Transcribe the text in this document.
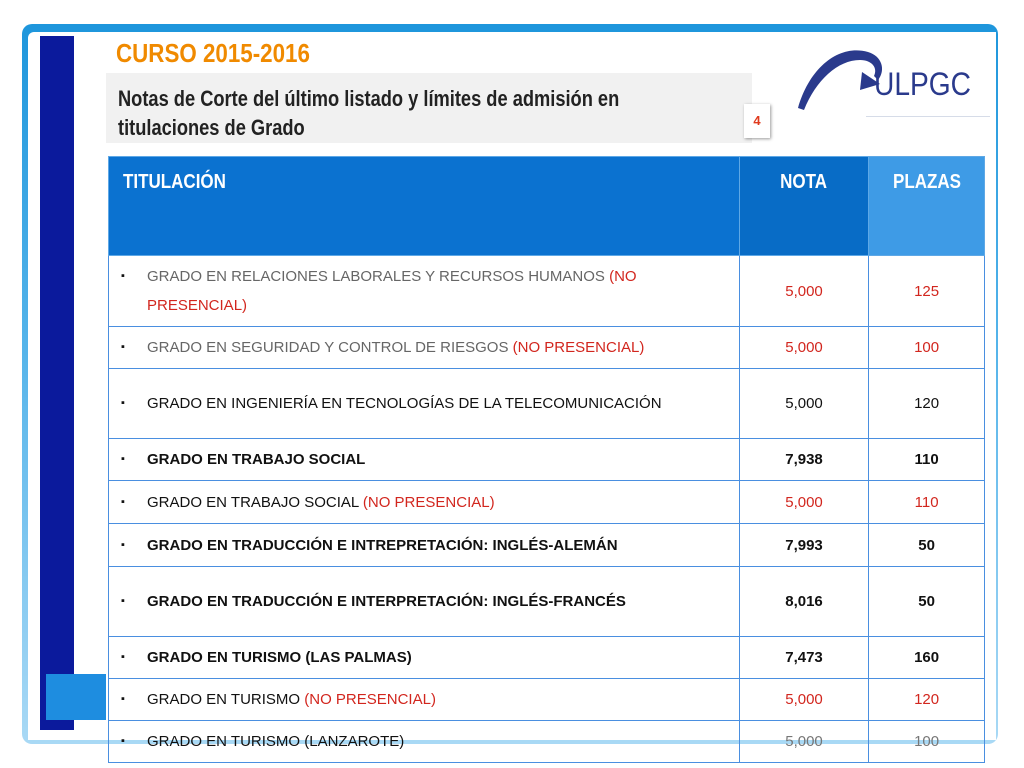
CURSO 2015-2016
Notas de Corte del último listado y límites de admisión en titulaciones de Grado	4
ULPGC
TITULACIÓN	NOTA	PLAZAS

▪ GRADO EN RELACIONES LABORALES Y RECURSOS HUMANOS (NO PRESENCIAL)	5,000	125

▪ GRADO EN SEGURIDAD Y CONTROL DE RIESGOS (NO PRESENCIAL)	5,000	100

▪ GRADO EN INGENIERÍA EN TECNOLOGÍAS DE LA TELECOMUNICACIÓN	5,000	120

▪ GRADO EN TRABAJO SOCIAL	7,938	110

▪ GRADO EN TRABAJO SOCIAL (NO PRESENCIAL)	5,000	110

▪ GRADO EN TRADUCCIÓN E INTREPRETACIÓN: INGLÉS-ALEMÁN	7,993	50

▪ GRADO EN TRADUCCIÓN E INTERPRETACIÓN: INGLÉS-FRANCÉS	8,016	50

▪ GRADO EN TURISMO (LAS PALMAS)	7,473	160

▪ GRADO EN TURISMO (NO PRESENCIAL)	5,000	120

▪ GRADO EN TURISMO (LANZAROTE)	5,000	100
